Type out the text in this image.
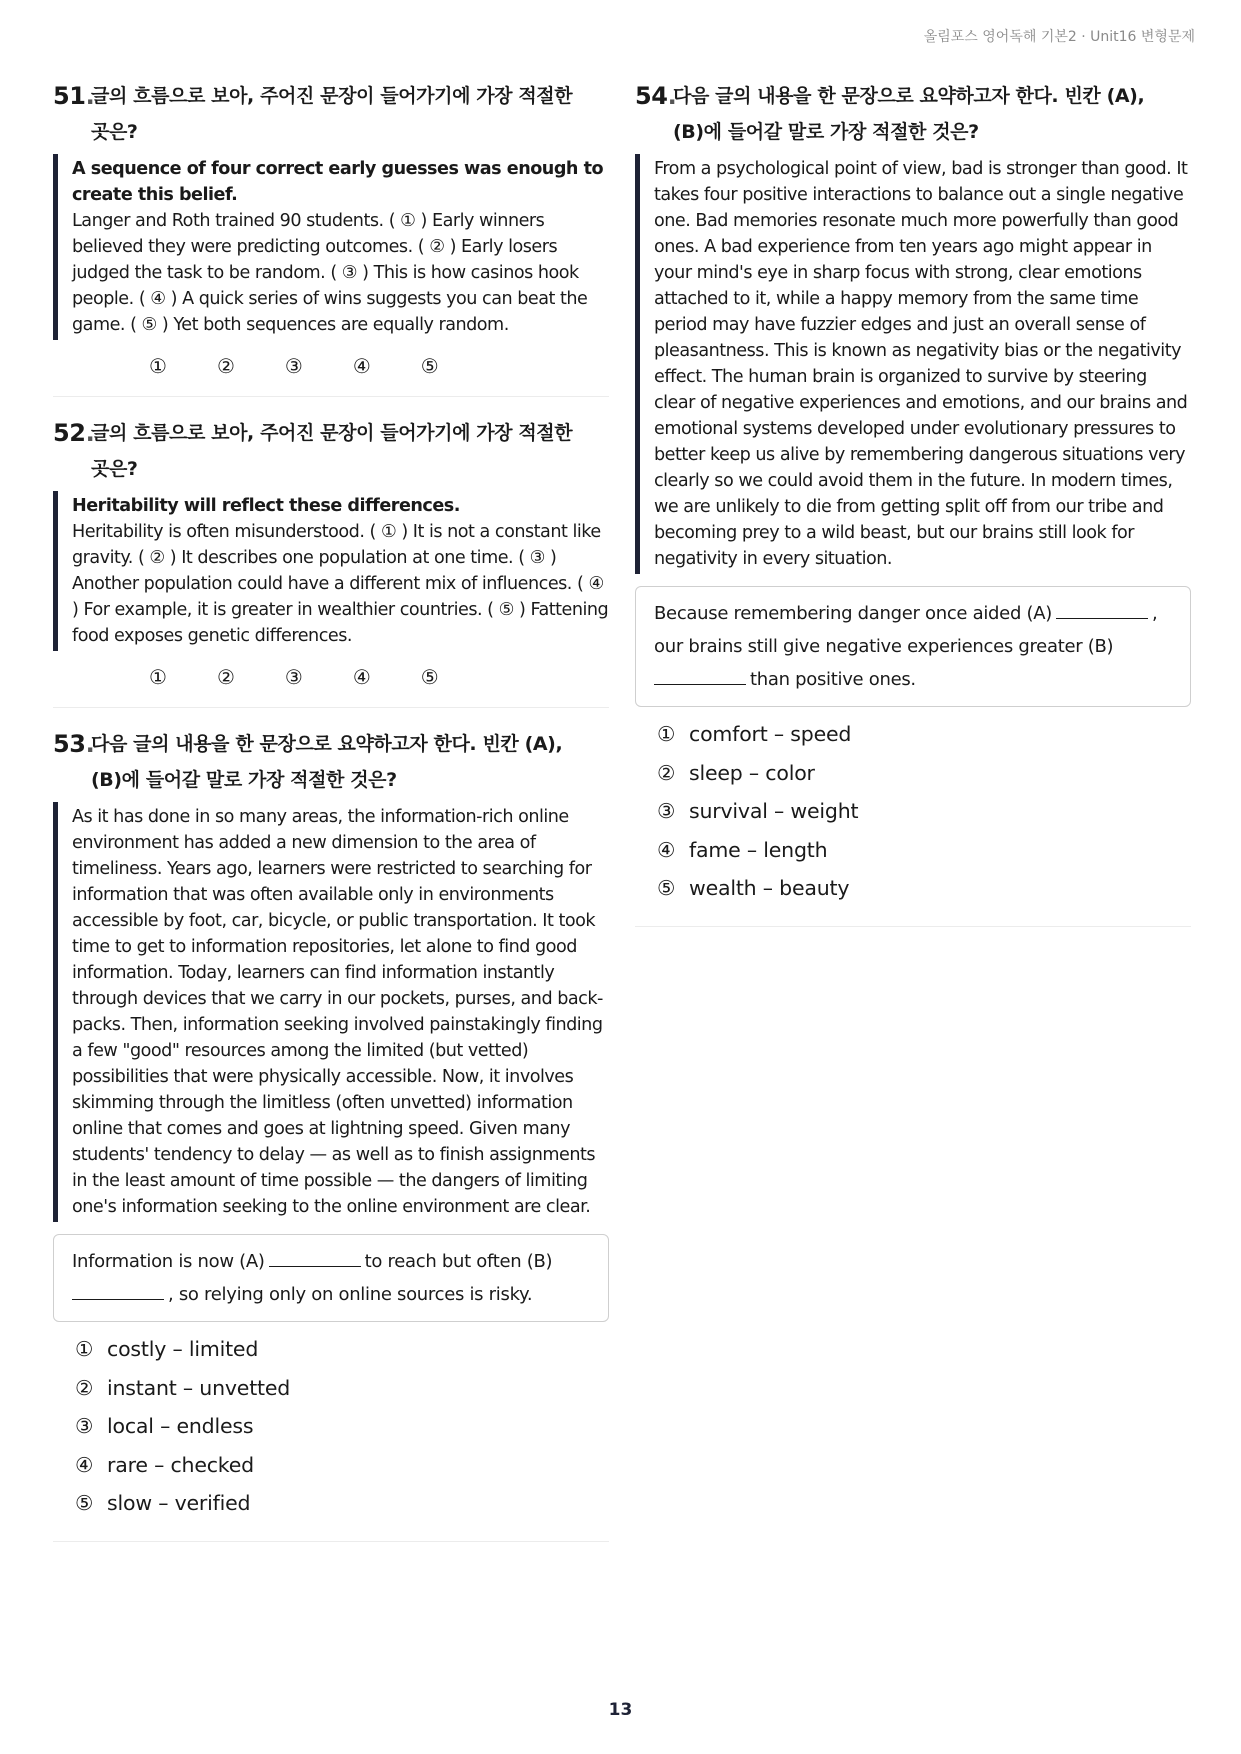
올림포스 영어독해 기본2 · Unit16 변형문제
51.
글의 흐름으로 보아, 주어진 문장이 들어가기에 가장 적절한
곳은?
A sequence of four correct early guesses was enough to create this belief.
Langer and Roth trained 90 students. ( ① ) Early winners believed they were predicting outcomes. ( ② ) Early losers judged the task to be random. ( ③ ) This is how casinos hook people. ( ④ ) A quick series of wins suggests you can beat the game. ( ⑤ ) Yet both sequences are equally random.
①	②	③	④	⑤
52.
글의 흐름으로 보아, 주어진 문장이 들어가기에 가장 적절한
곳은?
Heritability will reflect these differences.
Heritability is often misunderstood. ( ① ) It is not a constant like gravity. ( ② ) It describes one population at one time. ( ③ ) Another population could have a different mix of influences. ( ④ ) For example, it is greater in wealthier countries. ( ⑤ ) Fattening food exposes genetic differences.
①	②	③	④	⑤
53.
다음 글의 내용을 한 문장으로 요약하고자 한다. 빈칸 (A),
(B)에 들어갈 말로 가장 적절한 것은?
As it has done in so many areas, the information-rich online environment has added a new dimension to the area of timeliness. Years ago, learners were restricted to searching for information that was often available only in environments accessible by foot, car, bicycle, or public transportation. It took time to get to information repositories, let alone to find good information. Today, learners can find information instantly through devices that we carry in our pockets, purses, and back-packs. Then, information seeking involved painstakingly finding a few "good" resources among the limited (but vetted) possibilities that were physically accessible. Now, it involves skimming through the limitless (often unvetted) information online that comes and goes at lightning speed. Given many students' tendency to delay — as well as to finish assignments in the least amount of time possible — the dangers of limiting one's information seeking to the online environment are clear.
Information is now (A)	to reach but often (B)
, so relying only on online sources is risky.
① costly – limited
② instant – unvetted
③ local – endless
④ rare – checked
⑤ slow – verified
54.
다음 글의 내용을 한 문장으로 요약하고자 한다. 빈칸 (A),
(B)에 들어갈 말로 가장 적절한 것은?
From a psychological point of view, bad is stronger than good. It takes four positive interactions to balance out a single negative one. Bad memories resonate much more powerfully than good ones. A bad experience from ten years ago might appear in your mind's eye in sharp focus with strong, clear emotions attached to it, while a happy memory from the same time period may have fuzzier edges and just an overall sense of pleasantness. This is known as negativity bias or the negativity effect. The human brain is organized to survive by steering clear of negative experiences and emotions, and our brains and emotional systems developed under evolutionary pressures to better keep us alive by remembering dangerous situations very clearly so we could avoid them in the future. In modern times, we are unlikely to die from getting split off from our tribe and becoming prey to a wild beast, but our brains still look for negativity in every situation.
Because remembering danger once aided (A)	,
our brains still give negative experiences greater (B)
than positive ones.
① comfort – speed
② sleep – color
③ survival – weight
④ fame – length
⑤ wealth – beauty
13
